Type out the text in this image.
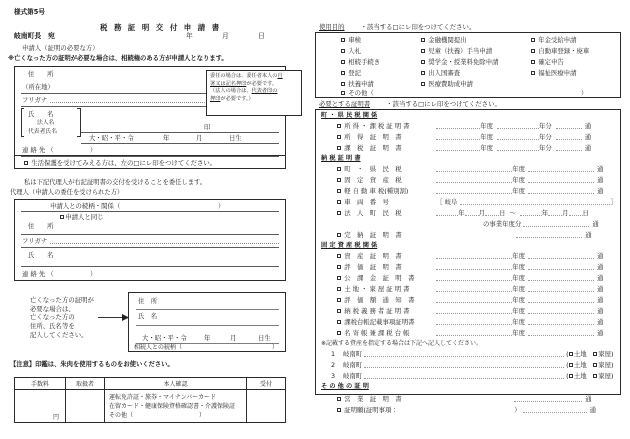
様式第5号
税 務 証 明 交 付 申 請 書
岐南町長　宛	年	月	日
申請人（証明の必要な方）
※亡くなった方の証明が必要な場合は、相続権のある方が申請人となります。
住　　所
（所在地）
フリガナ
氏　　名
法人名
代表者氏名
印
大・昭・平・令	年	月	日生
連 絡 先 （	）
生活保護を受けてみえる方は、左の□にレ印をつけてください。
委任の場合は、委任者本人の自
署又は記名押印が必要です。
（法人の場合は、代表者印の
押印が必要です。）
私は下記代理人が右記証明書の交付を受けることを委任します。
代理人（申請人の委任を受けられた方）
申請人との続柄・関係（	）
申請人と同じ
住　　所
フリガナ
氏　　名
連 絡 先 （	）
亡くなった方の証明が
必要な場合は、
亡くなった方の
住所、氏名等を
記入してください。
住　所
氏　名
大・昭・平・令	年	月	日生
相続人との続柄（	）
【注意】印鑑は、朱肉を使用するものをお使いください。
手数料	取扱者	本人確認	受付
円		運転免許証・旅券・マイナンバーカード
在留カード・健康保険資格確認書・介護保険証
その他（　　　　　　　　　　　）	

使用目的	・該当する□にレ印をつけてください。
車検
入札
相続手続き
登記
扶養申請
金融機関提出
児童（扶養）手当申請
奨学金・授業料免除申請
出入国審査
医療費助成申請
年金受給申請
自動車登録・廃車
確定申告
福祉医療申請
その他（	）
必要とする証明書	・該当する□にレ印をつけてください。
町 ・ 県 民 税 関 係
所 得 ・ 課 税 証 明 書	年度	年分	通
所　得　証　明　書	年度	年分	通
課　税　証　明　書	年度	年分	通
納 税 証 明 書
町　・　県　民　税	年度	通
固　定　資　産　税	年度	通
軽 自 動 車 税(種別割)	年度	通
車　両　番　号	［ 岐阜	］
法　人　町　民　税	年 月 日 ～	年 月 日
の事業年度分	通
完　納　証　明　書	通
固 定 資 産 税 関 係
資　産　証　明　書	年度	通
評　価　証　明　書	年度	通
公　課　金　証　明　書	年度	通
土 地 ・ 家 屋 証 明 書	年度	通
評　価　額　通　知　書	年度	通
納 税 義 務 者 証 明 書	年度	通
課税台帳記載事項証明書	年度	通
名 寄 帳 兼 課 税 台 帳	年度	通
※記載する資産を指定する場合は下記へ記入してください。
1 岐南町	( 土地　 家屋)
2 岐南町	( 土地　 家屋)
3 岐南町	( 土地　 家屋)
そ の 他 の 証 明
営　業　証　明　書	通
証明願(証明事項：	）	通
